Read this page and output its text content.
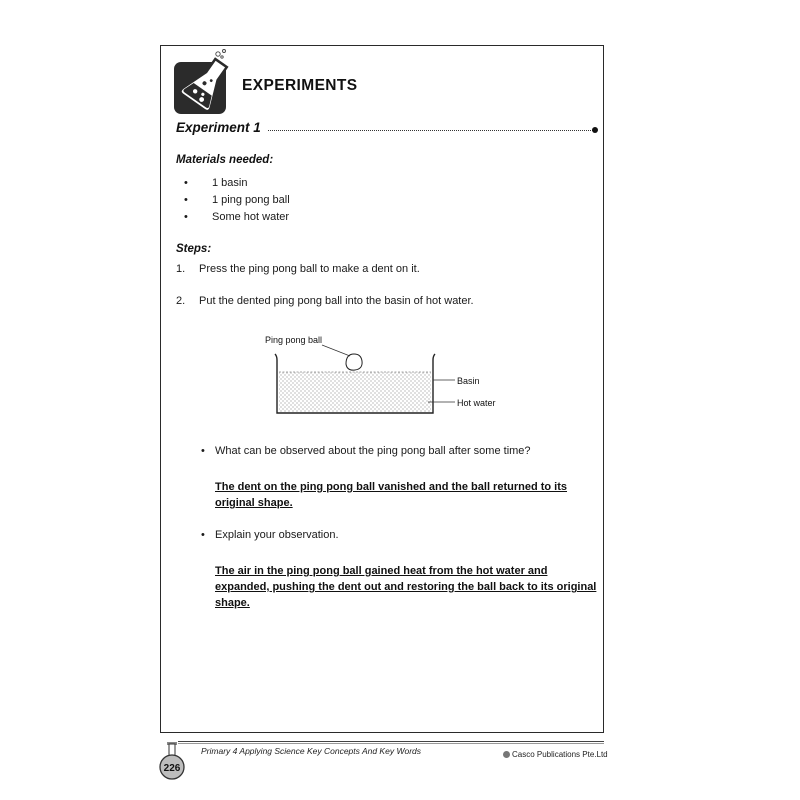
EXPERIMENTS
Experiment 1
Materials needed:
• 1 basin
• 1 ping pong ball
• Some hot water
Steps:
1. Press the ping pong ball to make a dent on it.
2. Put the dented ping pong ball into the basin of hot water.
Ping pong ball
Basin
Hot water
• What can be observed about the ping pong ball after some time?
The dent on the ping pong ball vanished and the ball returned to its original shape.
• Explain your observation.
The air in the ping pong ball gained heat from the hot water and expanded, pushing the dent out and restoring the ball back to its original shape.
226
Primary 4 Applying Science Key Concepts And Key Words	Casco Publications Pte.Ltd
